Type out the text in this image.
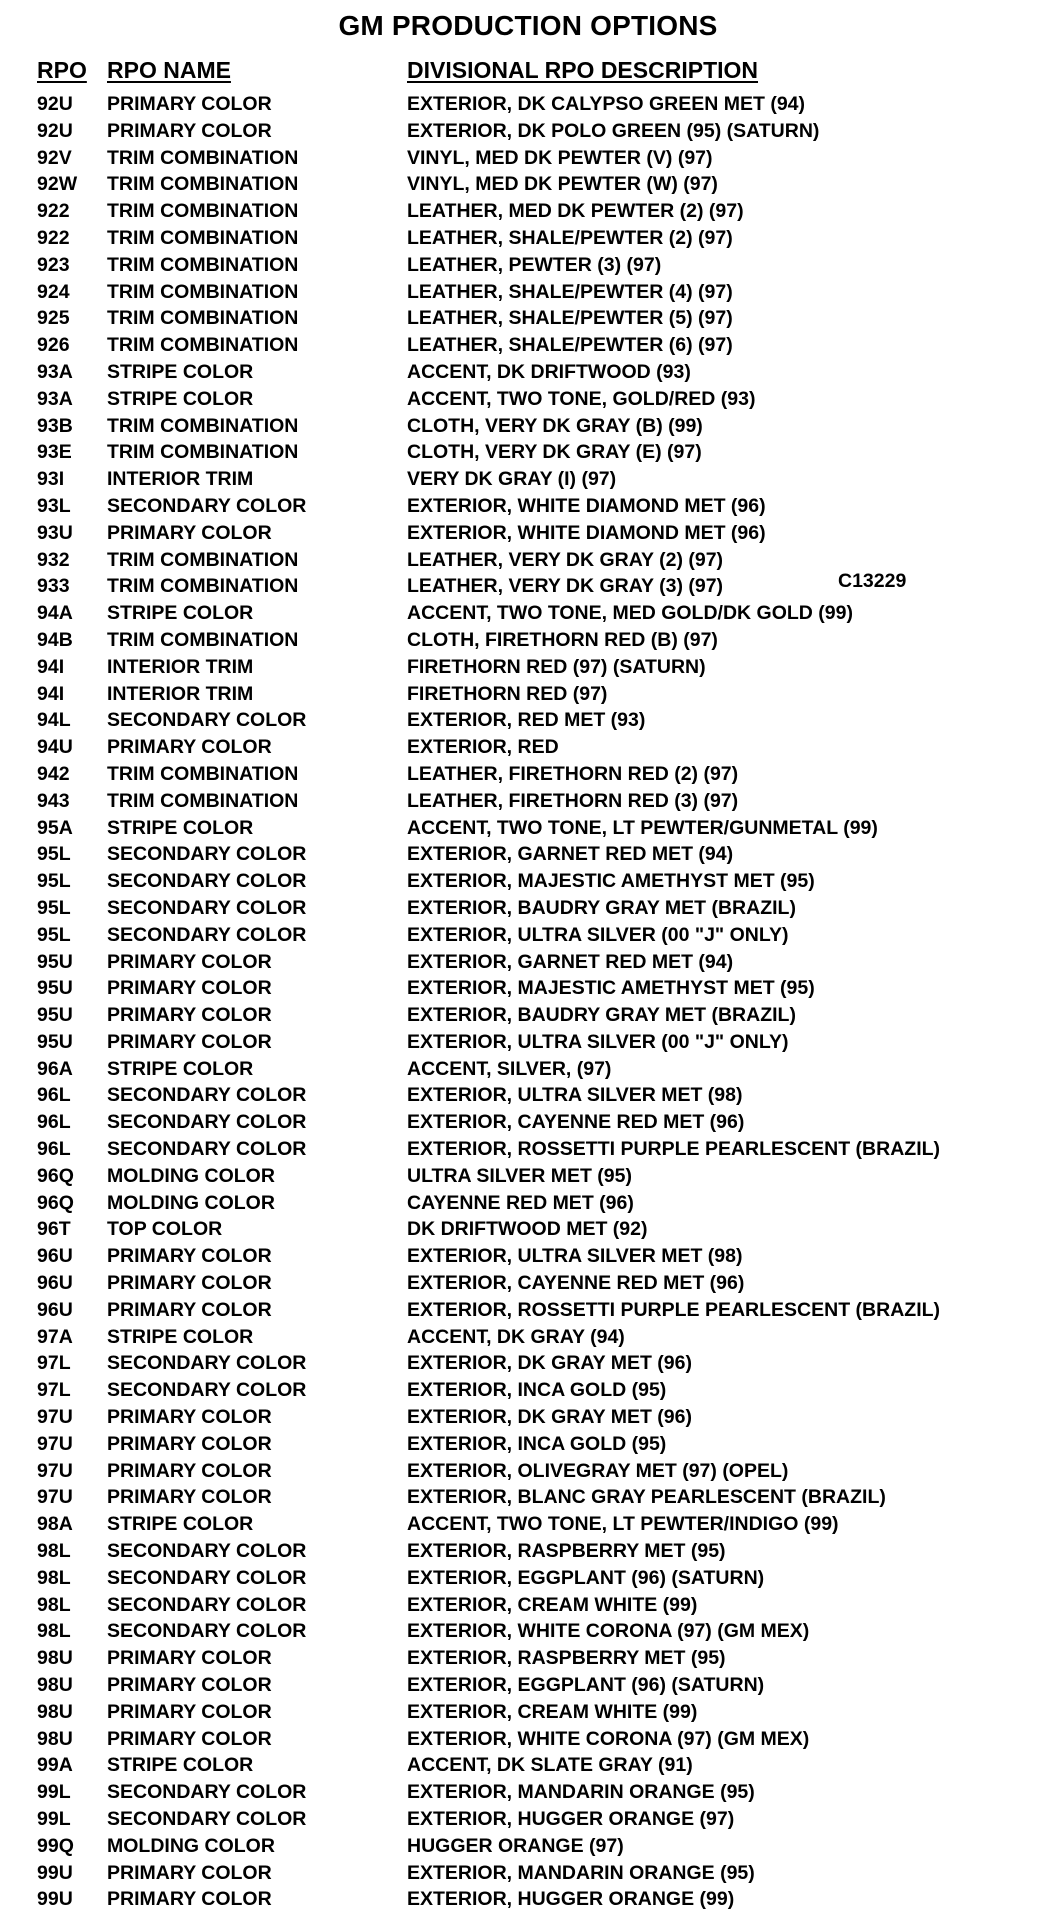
GM PRODUCTION OPTIONS
RPO RPO NAME	DIVISIONAL RPO DESCRIPTION
92U PRIMARY COLOR	EXTERIOR, DK CALYPSO GREEN MET (94)
92U PRIMARY COLOR	EXTERIOR, DK POLO GREEN (95) (SATURN)
92V TRIM COMBINATION	VINYL, MED DK PEWTER (V) (97)
92W TRIM COMBINATION	VINYL, MED DK PEWTER (W) (97)
922 TRIM COMBINATION	LEATHER, MED DK PEWTER (2) (97)
922 TRIM COMBINATION	LEATHER, SHALE/PEWTER (2) (97)
923 TRIM COMBINATION	LEATHER, PEWTER (3) (97)
924 TRIM COMBINATION	LEATHER, SHALE/PEWTER (4) (97)
925 TRIM COMBINATION	LEATHER, SHALE/PEWTER (5) (97)
926 TRIM COMBINATION	LEATHER, SHALE/PEWTER (6) (97)
93A STRIPE COLOR	ACCENT, DK DRIFTWOOD (93)
93A STRIPE COLOR	ACCENT, TWO TONE, GOLD/RED (93)
93B TRIM COMBINATION	CLOTH, VERY DK GRAY (B) (99)
93E TRIM COMBINATION	CLOTH, VERY DK GRAY (E) (97)
93I INTERIOR TRIM	VERY DK GRAY (I) (97)
93L SECONDARY COLOR	EXTERIOR, WHITE DIAMOND MET (96)
93U PRIMARY COLOR	EXTERIOR, WHITE DIAMOND MET (96)
932 TRIM COMBINATION	LEATHER, VERY DK GRAY (2) (97)
933 TRIM COMBINATION	LEATHER, VERY DK GRAY (3) (97)
94A STRIPE COLOR	ACCENT, TWO TONE, MED GOLD/DK GOLD (99)
94B TRIM COMBINATION	CLOTH, FIRETHORN RED (B) (97)
94I INTERIOR TRIM	FIRETHORN RED (97) (SATURN)
94I INTERIOR TRIM	FIRETHORN RED (97)
94L SECONDARY COLOR	EXTERIOR, RED MET (93)
94U PRIMARY COLOR	EXTERIOR, RED
942 TRIM COMBINATION	LEATHER, FIRETHORN RED (2) (97)
943 TRIM COMBINATION	LEATHER, FIRETHORN RED (3) (97)
95A STRIPE COLOR	ACCENT, TWO TONE, LT PEWTER/GUNMETAL (99)
95L SECONDARY COLOR	EXTERIOR, GARNET RED MET (94)
95L SECONDARY COLOR	EXTERIOR, MAJESTIC AMETHYST MET (95)
95L SECONDARY COLOR	EXTERIOR, BAUDRY GRAY MET (BRAZIL)
95L SECONDARY COLOR	EXTERIOR, ULTRA SILVER (00 "J" ONLY)
95U PRIMARY COLOR	EXTERIOR, GARNET RED MET (94)
95U PRIMARY COLOR	EXTERIOR, MAJESTIC AMETHYST MET (95)
95U PRIMARY COLOR	EXTERIOR, BAUDRY GRAY MET (BRAZIL)
95U PRIMARY COLOR	EXTERIOR, ULTRA SILVER (00 "J" ONLY)
96A STRIPE COLOR	ACCENT, SILVER, (97)
96L SECONDARY COLOR	EXTERIOR, ULTRA SILVER MET (98)
96L SECONDARY COLOR	EXTERIOR, CAYENNE RED MET (96)
96L SECONDARY COLOR	EXTERIOR, ROSSETTI PURPLE PEARLESCENT (BRAZIL)
96Q MOLDING COLOR	ULTRA SILVER MET (95)
96Q MOLDING COLOR	CAYENNE RED MET (96)
96T TOP COLOR	DK DRIFTWOOD MET (92)
96U PRIMARY COLOR	EXTERIOR, ULTRA SILVER MET (98)
96U PRIMARY COLOR	EXTERIOR, CAYENNE RED MET (96)
96U PRIMARY COLOR	EXTERIOR, ROSSETTI PURPLE PEARLESCENT (BRAZIL)
97A STRIPE COLOR	ACCENT, DK GRAY (94)
97L SECONDARY COLOR	EXTERIOR, DK GRAY MET (96)
97L SECONDARY COLOR	EXTERIOR, INCA GOLD (95)
97U PRIMARY COLOR	EXTERIOR, DK GRAY MET (96)
97U PRIMARY COLOR	EXTERIOR, INCA GOLD (95)
97U PRIMARY COLOR	EXTERIOR, OLIVEGRAY MET (97) (OPEL)
97U PRIMARY COLOR	EXTERIOR, BLANC GRAY PEARLESCENT (BRAZIL)
98A STRIPE COLOR	ACCENT, TWO TONE, LT PEWTER/INDIGO (99)
98L SECONDARY COLOR	EXTERIOR, RASPBERRY MET (95)
98L SECONDARY COLOR	EXTERIOR, EGGPLANT (96) (SATURN)
98L SECONDARY COLOR	EXTERIOR, CREAM WHITE (99)
98L SECONDARY COLOR	EXTERIOR, WHITE CORONA (97) (GM MEX)
98U PRIMARY COLOR	EXTERIOR, RASPBERRY MET (95)
98U PRIMARY COLOR	EXTERIOR, EGGPLANT (96) (SATURN)
98U PRIMARY COLOR	EXTERIOR, CREAM WHITE (99)
98U PRIMARY COLOR	EXTERIOR, WHITE CORONA (97) (GM MEX)
99A STRIPE COLOR	ACCENT, DK SLATE GRAY (91)
99L SECONDARY COLOR	EXTERIOR, MANDARIN ORANGE (95)
99L SECONDARY COLOR	EXTERIOR, HUGGER ORANGE (97)
99Q MOLDING COLOR	HUGGER ORANGE (97)
99U PRIMARY COLOR	EXTERIOR, MANDARIN ORANGE (95)
99U PRIMARY COLOR	EXTERIOR, HUGGER ORANGE (99)
C13229
